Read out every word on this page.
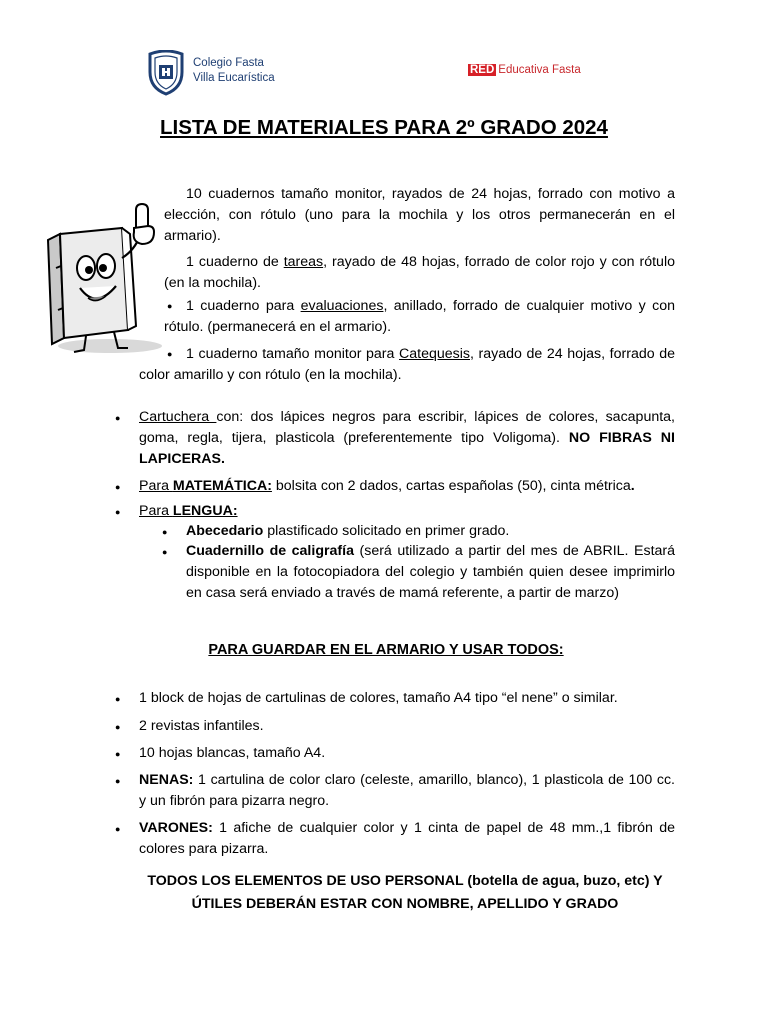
Colegio Fasta
Villa Eucarística
RED Educativa Fasta
LISTA DE MATERIALES PARA 2º GRADO 2024

10 cuadernos tamaño monitor, rayados de 24 hojas, forrado con motivo a elección, con rótulo (uno para la mochila y los otros permanecerán en el armario).

1 cuaderno de tareas, rayado de 48 hojas, forrado de color rojo y con rótulo (en la mochila).

● 1 cuaderno para evaluaciones, anillado, forrado de cualquier motivo y con rótulo. (permanecerá en el armario).

● 1 cuaderno tamaño monitor para Catequesis, rayado de 24 hojas, forrado de color amarillo y con rótulo (en la mochila).

● Cartuchera con: dos lápices negros para escribir, lápices de colores, sacapunta, goma, regla, tijera, plasticola (preferentemente tipo Voligoma). NO FIBRAS NI LAPICERAS.

● Para MATEMÁTICA: bolsita con 2 dados, cartas españolas (50), cinta métrica.

● Para LENGUA:

● Abecedario plastificado solicitado en primer grado.

● Cuadernillo de caligrafía (será utilizado a partir del mes de ABRIL. Estará disponible en la fotocopiadora del colegio y también quien desee imprimirlo en casa será enviado a través de mamá referente, a partir de marzo)

PARA GUARDAR EN EL ARMARIO Y USAR TODOS:

● 1 block de hojas de cartulinas de colores, tamaño A4 tipo “el nene” o similar.

● 2 revistas infantiles.

● 10 hojas blancas, tamaño A4.

● NENAS: 1 cartulina de color claro (celeste, amarillo, blanco), 1 plasticola de 100 cc. y un fibrón para pizarra negro.

● VARONES: 1 afiche de cualquier color y 1 cinta de papel de 48 mm.,1 fibrón de colores para pizarra.

TODOS LOS ELEMENTOS DE USO PERSONAL (botella de agua, buzo, etc) Y ÚTILES DEBERÁN ESTAR CON NOMBRE, APELLIDO Y GRADO
